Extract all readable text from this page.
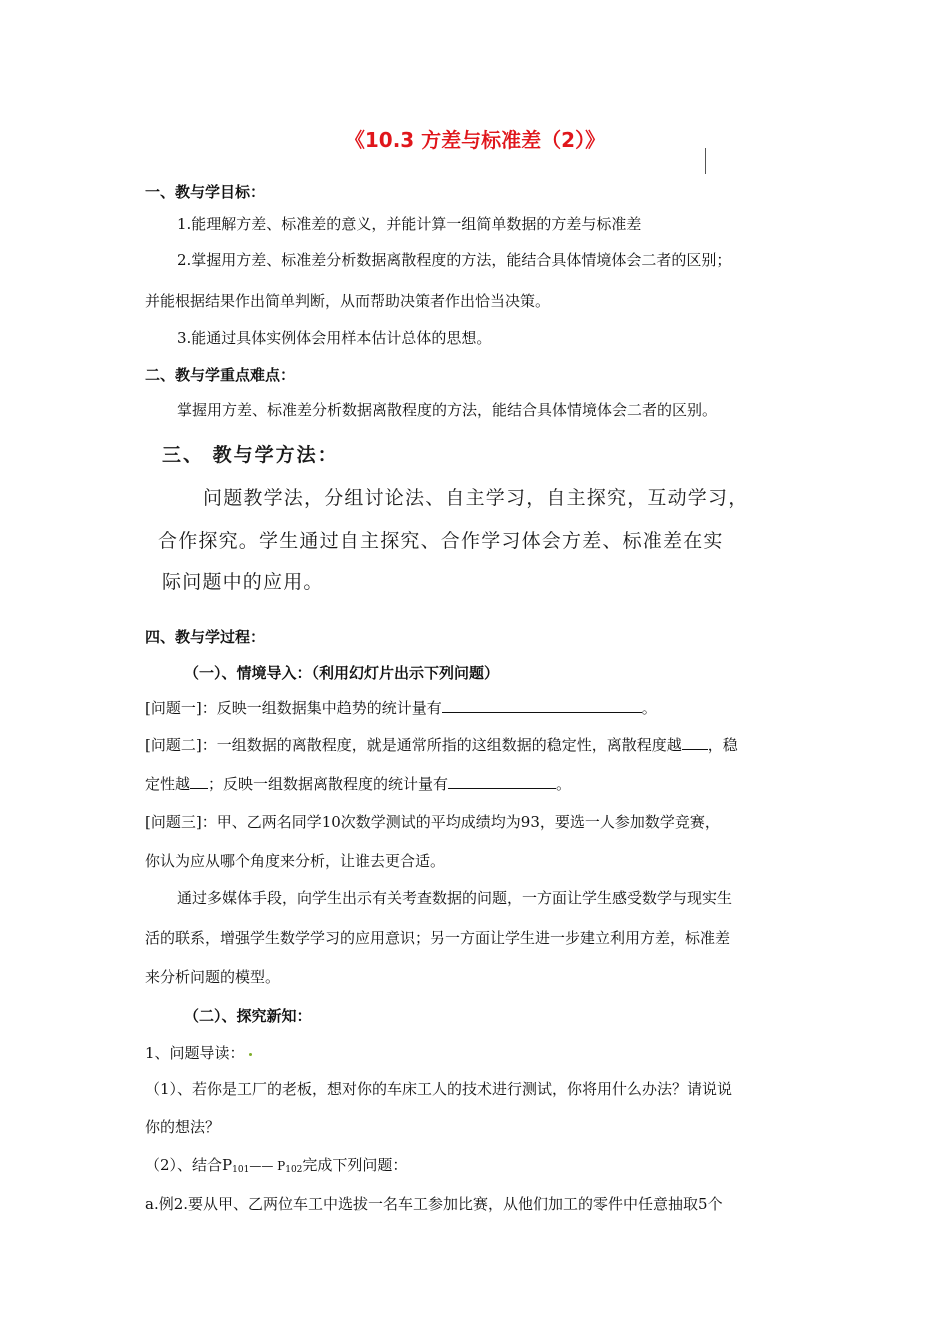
《10.3 方差与标准差（2）》
一、教与学目标：
1.能理解方差、标准差的意义，并能计算一组简单数据的方差与标准差
2.掌握用方差、标准差分析数据离散程度的方法，能结合具体情境体会二者的区别；
并能根据结果作出简单判断，从而帮助决策者作出恰当决策。
3.能通过具体实例体会用样本估计总体的思想。
二、教与学重点难点：
掌握用方差、标准差分析数据离散程度的方法，能结合具体情境体会二者的区别。
三、 教与学方法：
问题教学法，分组讨论法、自主学习，自主探究，互动学习，
合作探究。学生通过自主探究、合作学习体会方差、标准差在实
际问题中的应用。
四、教与学过程：
（一）、情境导入：（利用幻灯片出示下列问题）
[问题一]：反映一组数据集中趋势的统计量有	。
[问题二]：一组数据的离散程度，就是通常所指的这组数据的稳定性，离散程度越 ，稳
定性越 ；反映一组数据离散程度的统计量有	。
[问题三]：甲、乙两名同学10次数学测试的平均成绩均为93，要选一人参加数学竞赛，
你认为应从哪个角度来分析，让谁去更合适。
通过多媒体手段，向学生出示有关考查数据的问题，一方面让学生感受数学与现实生
活的联系，增强学生数学学习的应用意识；另一方面让学生进一步建立利用方差，标准差
来分析问题的模型。
（二）、探究新知：
1、问题导读：
（1）、若你是工厂的老板，想对你的车床工人的技术进行测试，你将用什么办法？请说说
你的想法？
（2）、结合$P_{101}——$ $P_{102}$完成下列问题：
a.例2.要从甲、乙两位车工中选拔一名车工参加比赛，从他们加工的零件中任意抽取5个
